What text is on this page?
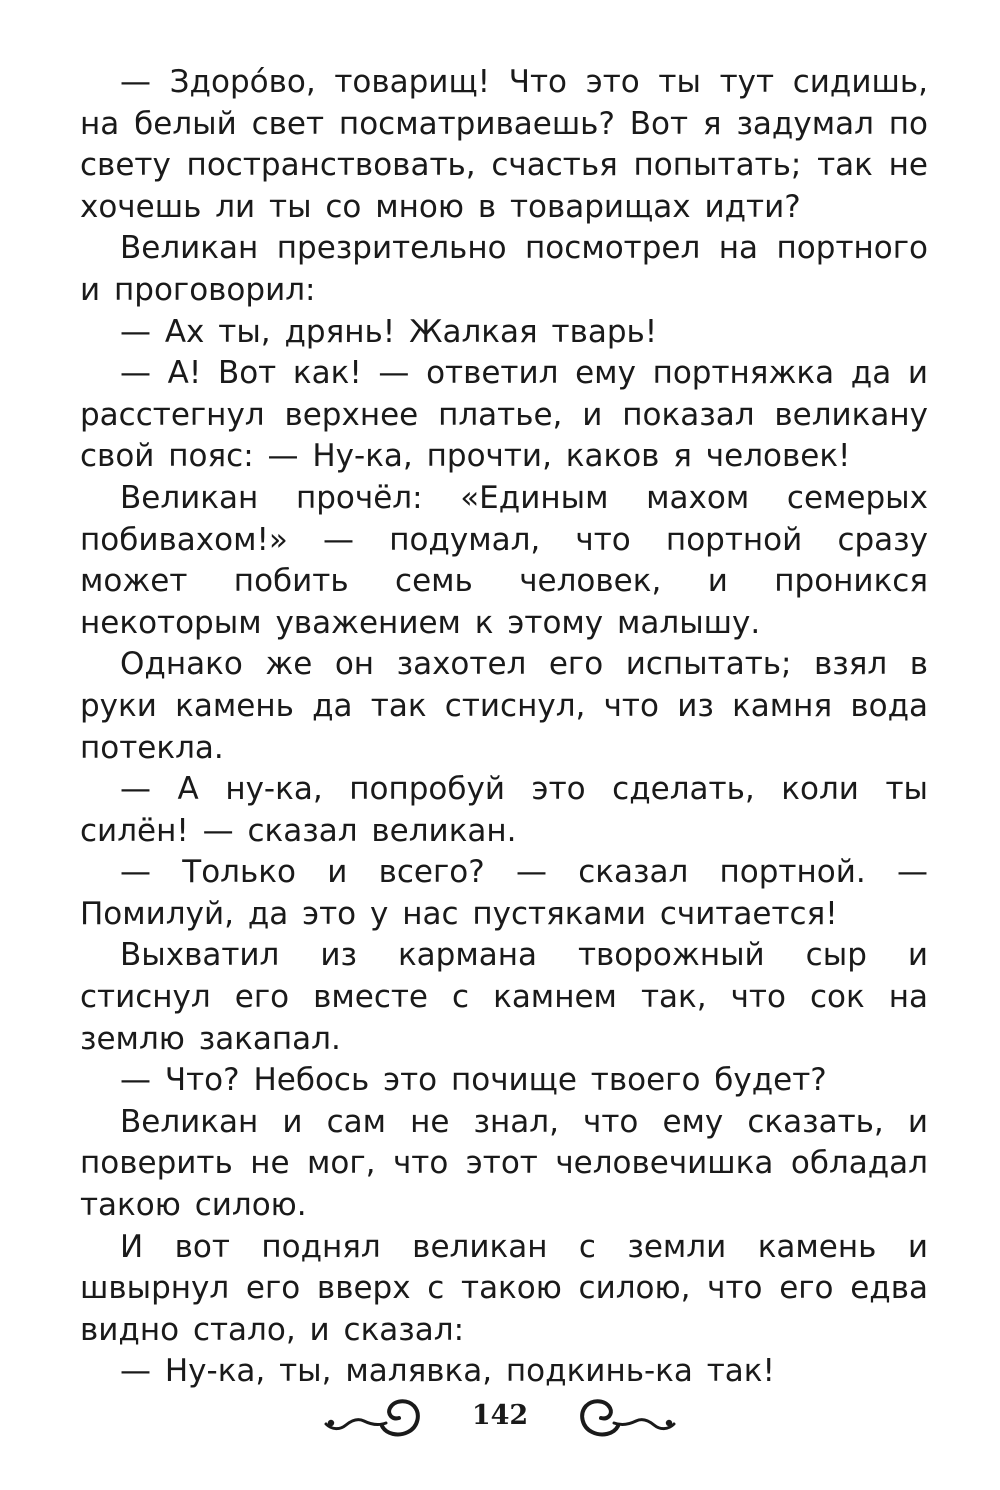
— Здорóво, товарищ! Что это ты тут сидишь, на белый свет посматриваешь? Вот я задумал по свету постранствовать, счастья попытать; так не хочешь ли ты со мною в товарищах идти?

Великан презрительно посмотрел на портного и проговорил:

— Ах ты, дрянь! Жалкая тварь!

— А! Вот как! — ответил ему портняжка да и расстегнул верхнее платье, и показал великану свой пояс: — Ну-ка, прочти, каков я человек!

Великан прочёл: «Единым махом семерых побивахом!» — подумал, что портной сразу может побить семь человек, и проникся некоторым уважением к этому малышу.

Однако же он захотел его испытать; взял в руки камень да так стиснул, что из камня вода потекла.

— А ну-ка, попробуй это сделать, коли ты силён! — сказал великан.

— Только и всего? — сказал портной. — Помилуй, да это у нас пустяками считается!

Выхватил из кармана творожный сыр и стиснул его вместе с камнем так, что сок на землю закапал.

— Что? Небось это почище твоего будет?

Великан и сам не знал, что ему сказать, и поверить не мог, что этот человечишка обладал такою силою.

И вот поднял великан с земли камень и швырнул его вверх с такою силою, что его едва видно стало, и сказал:

— Ну-ка, ты, малявка, подкинь-ка так!

142
